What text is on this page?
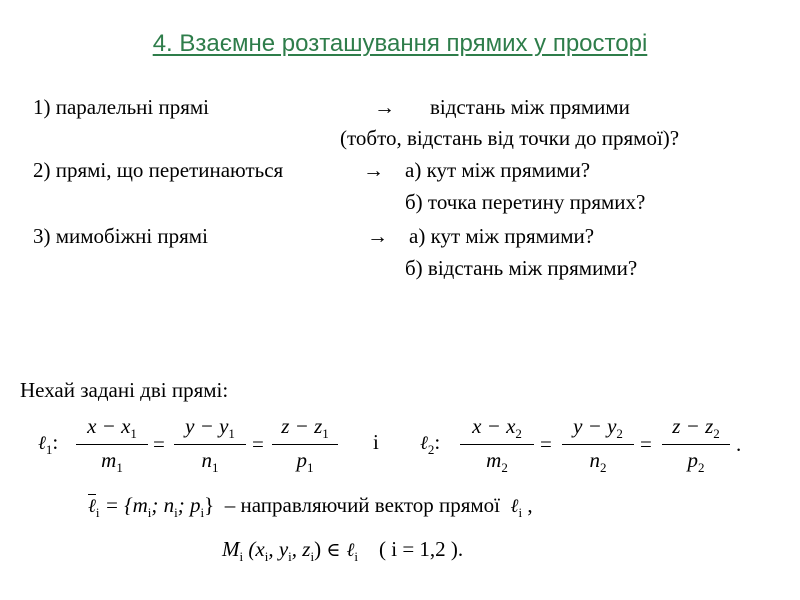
4. Взаємне розташування прямих у просторі
1) паралельні прямі	→ відстань між прямими
(тобто, відстань від точки до прямої)?
2) прямі, що перетинаються	→ а) кут між прямими?
б) точка перетину прямих?
3) мимобіжні прямі	→ а) кут між прямими?
б) відстань між прямими?
Нехай задані дві прямі:
ℓ$_1$:
$x - x_1$
$m_1$
=
$y - y_1$
$n_1$
=
$z - z_1$
$p_1$
і ℓ$_2$:
$x - x_2$
$m_2$
=
$y - y_2$
$n_2$
=
$z - z_2$
$p_2$
.
ℓ$_i$ = {$m_i$; $n_i$; $p_i$} – направляючий вектор прямої ℓ$_i$ ,
$M_i$ ($x_i$, $y_i$, $z_i$) ∈ ℓ$_i$ ( i = 1,2 ).
